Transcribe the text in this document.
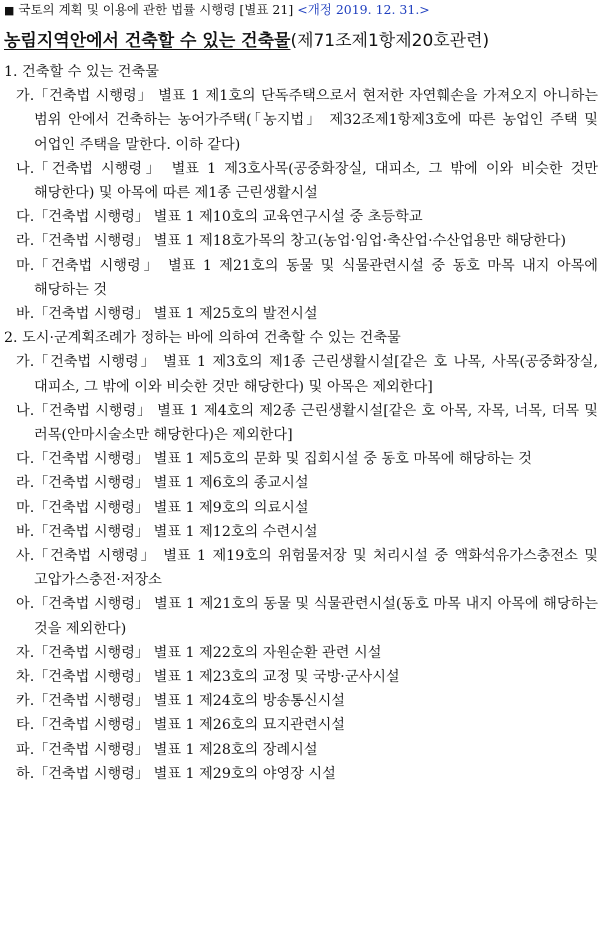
■ 국토의 계획 및 이용에 관한 법률 시행령 [별표 21] <개정 2019. 12. 31.>
농림지역안에서 건축할 수 있는 건축물(제71조제1항제20호관련)
1. 건축할 수 있는 건축물
가. 「건축법 시행령」 별표 1 제1호의 단독주택으로서 현저한 자연훼손을 가져오지 아니하는 범위 안에서 건축하는 농어가주택(「농지법」 제32조제1항제3호에 따른 농업인 주택 및 어업인 주택을 말한다. 이하 같다)
나. 「건축법 시행령」 별표 1 제3호사목(공중화장실, 대피소, 그 밖에 이와 비슷한 것만 해당한다) 및 아목에 따른 제1종 근린생활시설
다. 「건축법 시행령」 별표 1 제10호의 교육연구시설 중 초등학교
라. 「건축법 시행령」 별표 1 제18호가목의 창고(농업·임업·축산업·수산업용만 해당한다)
마. 「건축법 시행령」 별표 1 제21호의 동물 및 식물관련시설 중 동호 마목 내지 아목에 해당하는 것
바. 「건축법 시행령」 별표 1 제25호의 발전시설
2. 도시·군계획조례가 정하는 바에 의하여 건축할 수 있는 건축물
가. 「건축법 시행령」 별표 1 제3호의 제1종 근린생활시설[같은 호 나목, 사목(공중화장실, 대피소, 그 밖에 이와 비슷한 것만 해당한다) 및 아목은 제외한다]
나. 「건축법 시행령」 별표 1 제4호의 제2종 근린생활시설[같은 호 아목, 자목, 너목, 더목 및 러목(안마시술소만 해당한다)은 제외한다]
다. 「건축법 시행령」 별표 1 제5호의 문화 및 집회시설 중 동호 마목에 해당하는 것
라. 「건축법 시행령」 별표 1 제6호의 종교시설
마. 「건축법 시행령」 별표 1 제9호의 의료시설
바. 「건축법 시행령」 별표 1 제12호의 수련시설
사. 「건축법 시행령」 별표 1 제19호의 위험물저장 및 처리시설 중 액화석유가스충전소 및 고압가스충전·저장소
아. 「건축법 시행령」 별표 1 제21호의 동물 및 식물관련시설(동호 마목 내지 아목에 해당하는 것을 제외한다)
자. 「건축법 시행령」 별표 1 제22호의 자원순환 관련 시설
차. 「건축법 시행령」 별표 1 제23호의 교정 및 국방·군사시설
카. 「건축법 시행령」 별표 1 제24호의 방송통신시설
타. 「건축법 시행령」 별표 1 제26호의 묘지관련시설
파. 「건축법 시행령」 별표 1 제28호의 장례시설
하. 「건축법 시행령」 별표 1 제29호의 야영장 시설
